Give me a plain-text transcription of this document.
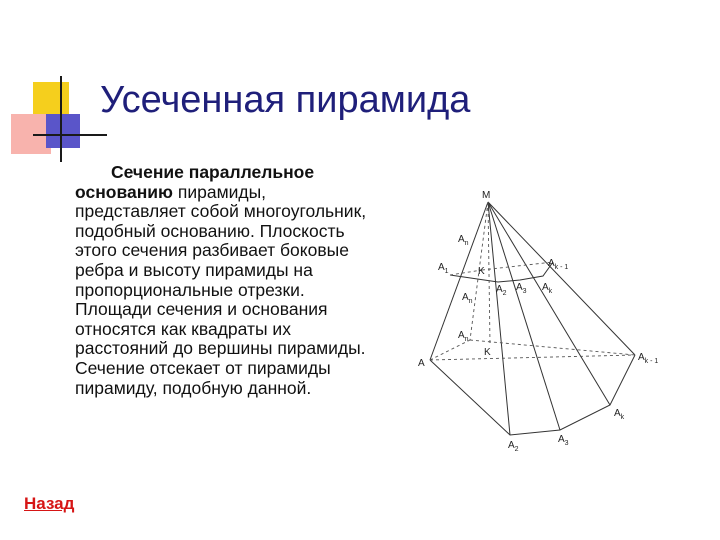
Усеченная пирамида
Сечение параллельное основанию пирамиды, представляет собой многоугольник, подобный основанию. Плоскость этого сечения разбивает боковые ребра и высоту пирамиды на пропорциональные отрезки. Площади сечения и основания относятся как квадраты их расстояний до вершины пирамиды. Сечение отсекает от пирамиды пирамиду, подобную данной.
Назад
M
A
K
K
$A_2$
$A_3$
$A_k$
$A_{k - 1}$
$A_n$
$A_1$
$A_n$
$A_2$
$A_3$ $A_k$
$A_{k - 1}$
$A_n$
